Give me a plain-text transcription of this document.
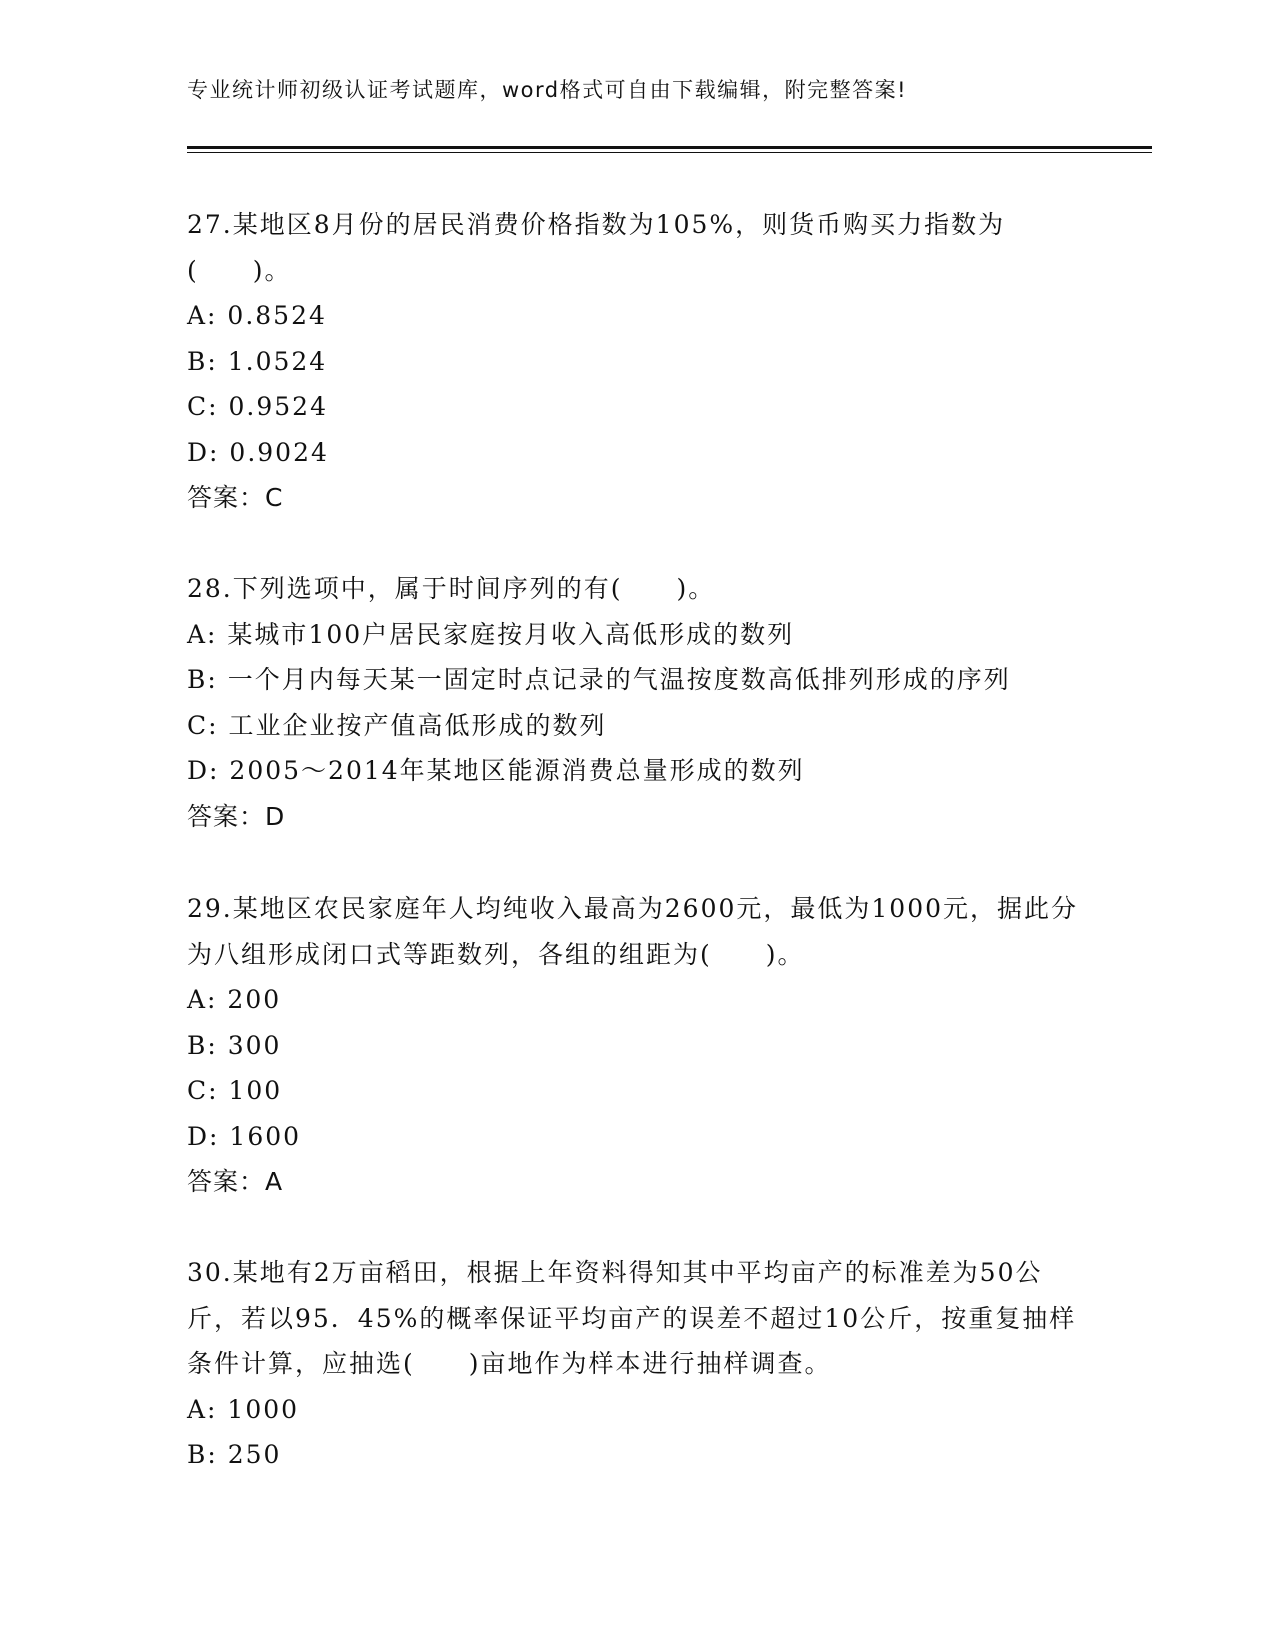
专业统计师初级认证考试题库，word格式可自由下载编辑，附完整答案!
27.某地区8月份的居民消费价格指数为105%，则货币购买力指数为(　　)。
A: 0.8524
B: 1.0524
C: 0.9524
D: 0.9024
答案：C
28.下列选项中，属于时间序列的有(　　)。
A: 某城市100户居民家庭按月收入高低形成的数列
B: 一个月内每天某一固定时点记录的气温按度数高低排列形成的序列
C: 工业企业按产值高低形成的数列
D: 2005～2014年某地区能源消费总量形成的数列
答案：D
29.某地区农民家庭年人均纯收入最高为2600元，最低为1000元，据此分为八组形成闭口式等距数列，各组的组距为(　　)。
A: 200
B: 300
C: 100
D: 1600
答案：A
30.某地有2万亩稻田，根据上年资料得知其中平均亩产的标准差为50公斤，若以95．45%的概率保证平均亩产的误差不超过10公斤，按重复抽样条件计算，应抽选(　　)亩地作为样本进行抽样调查。
A: 1000
B: 250
